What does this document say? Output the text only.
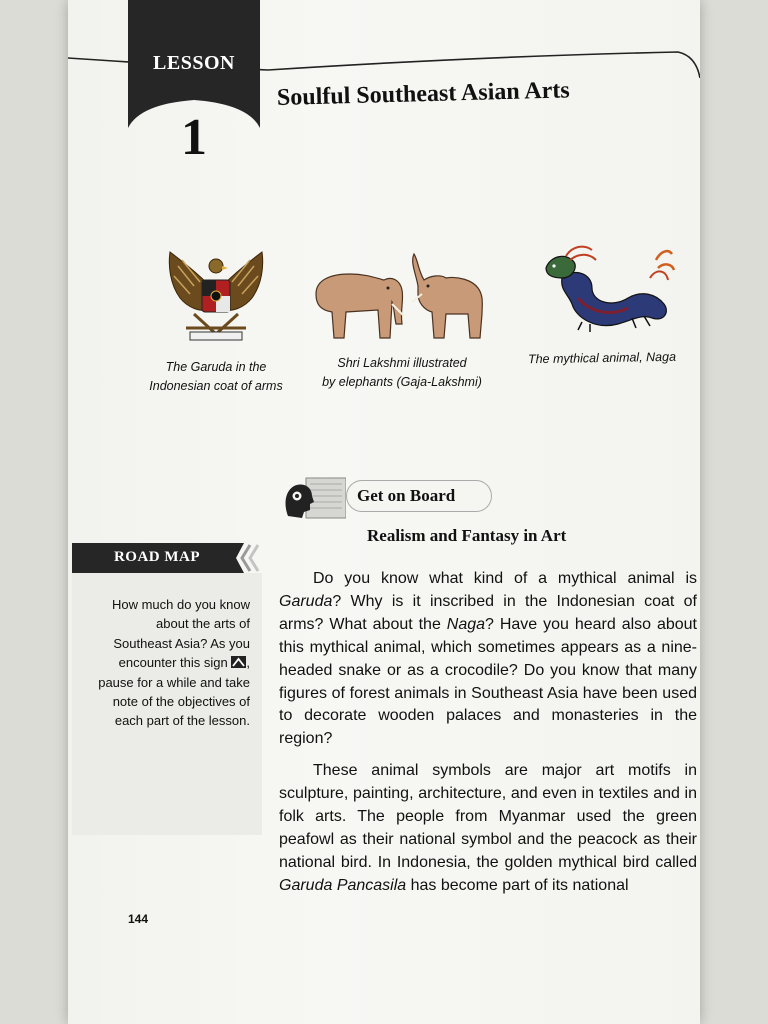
LESSON
1
Soulful Southeast Asian Arts
The Garuda in the
Indonesian coat of arms
Shri Lakshmi illustrated
by elephants (Gaja-Lakshmi)
The mythical animal, Naga
Get on Board
Realism and Fantasy in Art
ROAD MAP
How much do you know about the arts of Southeast Asia? As you encounter this sign , pause for a while and take note of the objectives of each part of the lesson.

Do you know what kind of a mythical animal is Garuda? Why is it inscribed in the Indonesian coat of arms? What about the Naga? Have you heard also about this mythical animal, which sometimes appears as a nine-headed snake or as a crocodile? Do you know that many figures of forest animals in Southeast Asia have been used to decorate wooden palaces and monasteries in the region?

These animal symbols are major art motifs in sculpture, painting, architecture, and even in textiles and in folk arts. The people from Myanmar used the green peafowl as their national symbol and the peacock as their national bird. In Indonesia, the golden mythical bird called Garuda Pancasila has become part of its national

144
